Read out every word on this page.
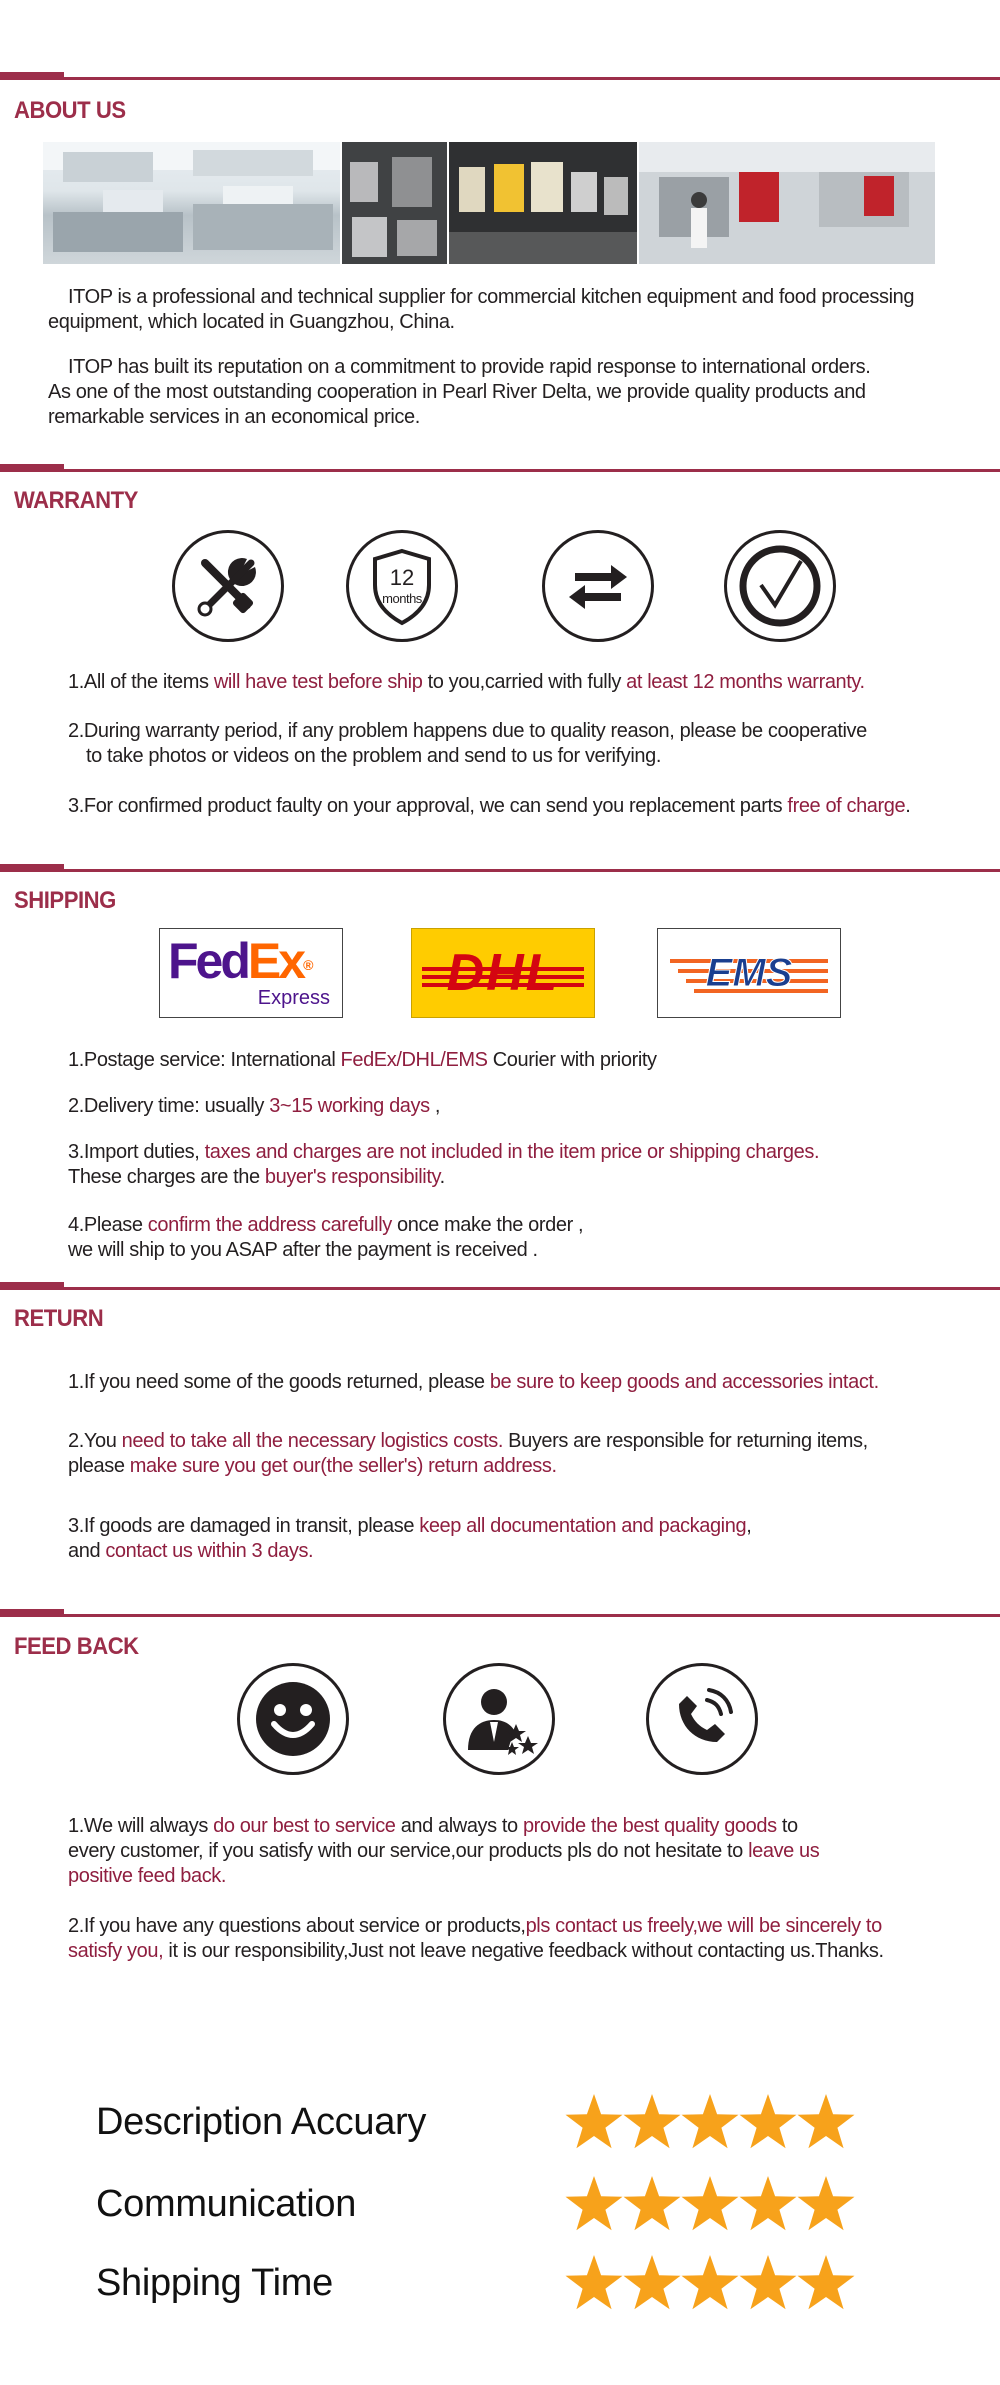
ABOUT US
ITOP is a professional and technical supplier for commercial kitchen equipment and food processing
equipment, which located in Guangzhou, China.
ITOP has built its reputation on a commitment to provide rapid response to international orders.
As one of the most outstanding cooperation in Pearl River Delta, we provide quality products and
remarkable services in an economical price.
WARRANTY
12
months
1.All of the items will have test before ship to you,carried with fully at least 12 months warranty.
2.During warranty period, if any problem happens due to quality reason, please be cooperative
to take photos or videos on the problem and send to us for verifying.
3.For confirmed product faulty on your approval, we can send you replacement parts free of charge.
SHIPPING
FedEx®
Express	DHL	EMS
1.Postage service: International FedEx/DHL/EMS Courier with priority
2.Delivery time: usually 3~15 working days ,
3.Import duties, taxes and charges are not included in the item price or shipping charges.
These charges are the buyer's responsibility.
4.Please confirm the address carefully once make the order ,
we will ship to you ASAP after the payment is received .
RETURN
1.If you need some of the goods returned, please be sure to keep goods and accessories intact.
2.You need to take all the necessary logistics costs. Buyers are responsible for returning items,
please make sure you get our(the seller's) return address.
3.If goods are damaged in transit, please keep all documentation and packaging,
and contact us within 3 days.
FEED BACK
1.We will always do our best to service and always to provide the best quality goods to
every customer, if you satisfy with our service,our products pls do not hesitate to leave us
positive feed back.
2.If you have any questions about service or products,pls contact us freely,we will be sincerely to
satisfy you, it is our responsibility,Just not leave negative feedback without contacting us.Thanks.
Description Accuary
Communication
Shipping Time
